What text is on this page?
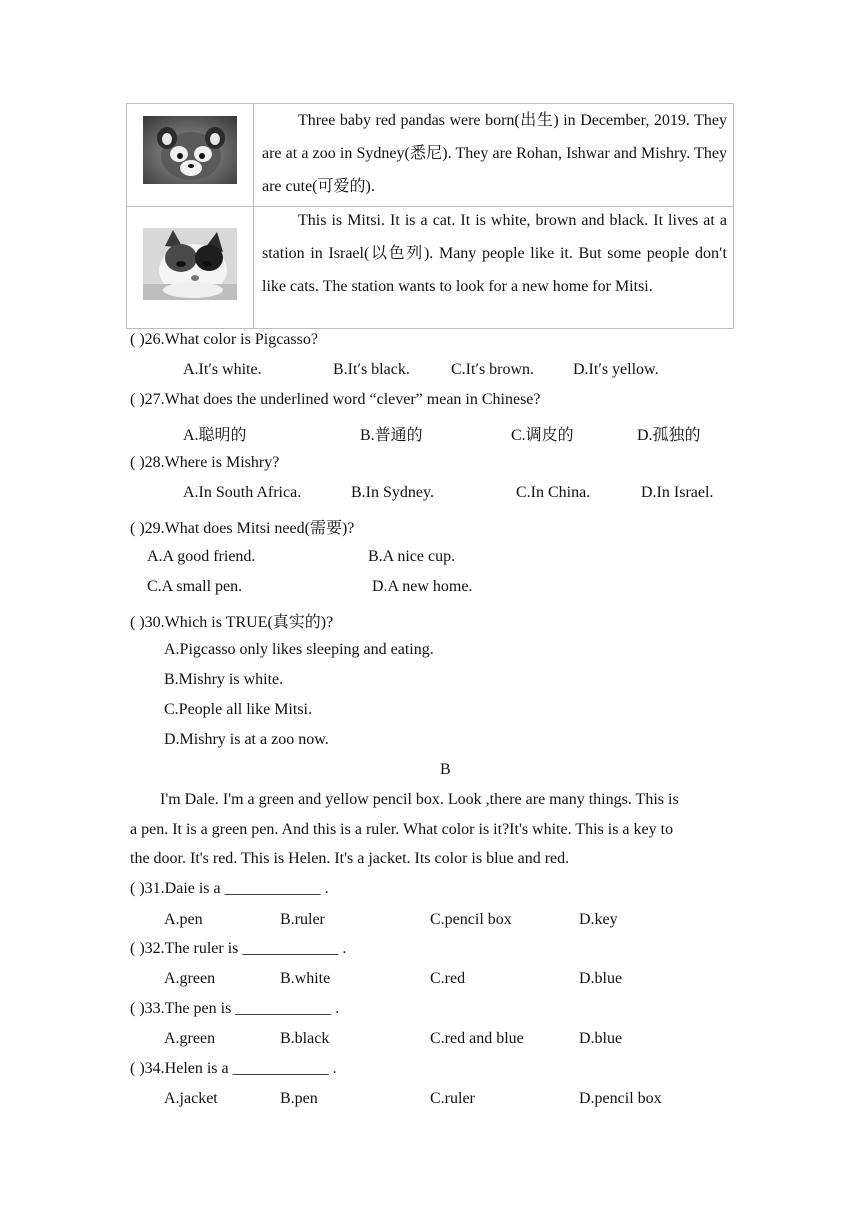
Three baby red pandas were born(出生) in December, 2019. They are at a zoo in Sydney(悉尼). They are Rohan, Ishwar and Mishry. They are cute(可爱的).

This is Mitsi. It is a cat. It is white, brown and black. It lives at a station in Israel(以色列). Many people like it. But some people don′t like cats. The station wants to look for a new home for Mitsi.

( )26.What color is Pigcasso?
A.It′s white.	B.It′s black.	C.It′s brown. D.It′s yellow.
( )27.What does the underlined word “clever” mean in Chinese?
A.聪明的	B.普通的	C.调皮的	D.孤独的
( )28.Where is Mishry?
A.In South Africa.	B.In Sydney.	C.In China.	D.In Israel.
( )29.What does Mitsi need(需要)?
A.A good friend.	B.A nice cup.
C.A small pen.	D.A new home.
( )30.Which is TRUE(真实的)?
A.Pigcasso only likes sleeping and eating.
B.Mishry is white.
C.People all like Mitsi.
D.Mishry is at a zoo now.
B
I'm Dale. I'm a green and yellow pencil box. Look ,there are many things. This is
a pen. It is a green pen. And this is a ruler. What color is it?It's white. This is a key to
the door. It's red. This is Helen. It's a jacket. Its color is blue and red.
( )31.Daie is a ____________ .
A.pen	B.ruler	C.pencil box	D.key
( )32.The ruler is ____________ .
A.green	B.white	C.red	D.blue
( )33.The pen is ____________ .
A.green	B.black	C.red and blue	D.blue
( )34.Helen is a ____________ .
A.jacket	B.pen	C.ruler	D.pencil box
